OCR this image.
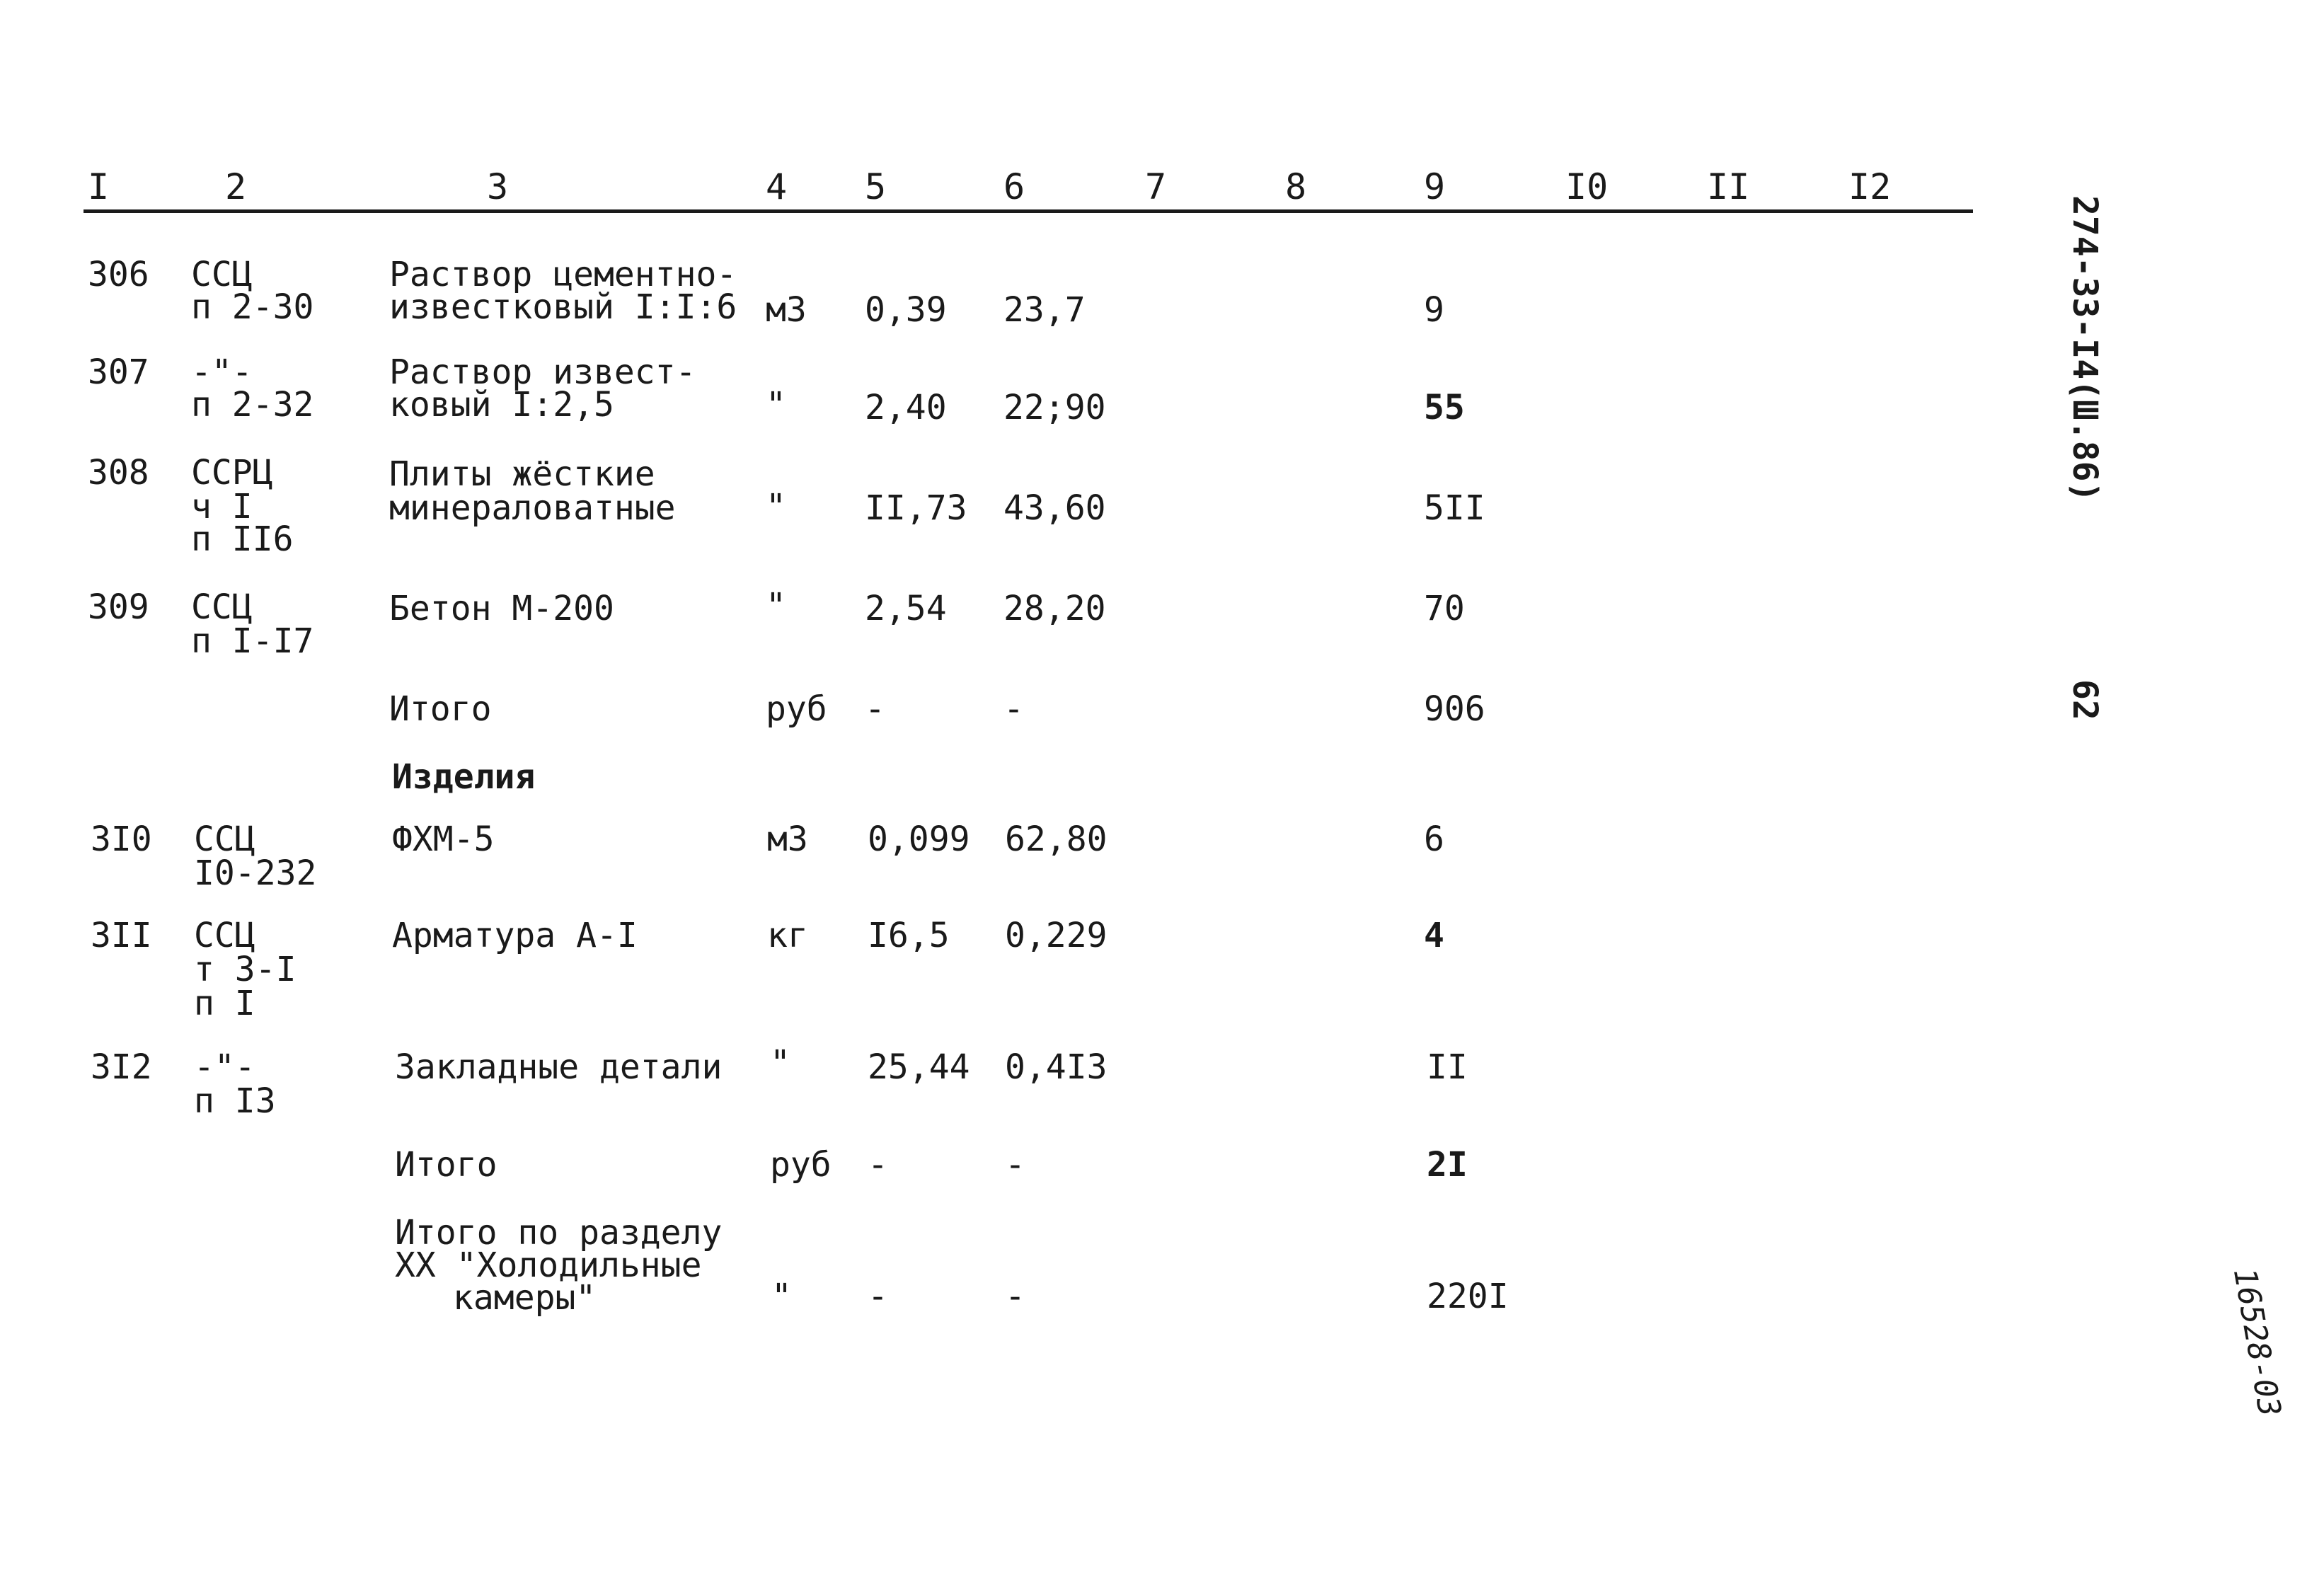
I	2	3	4 5	6	7	8	9	I0	II	I2
306 ССЦ
п 2-30
Раствор цементно-
известковый I:I:6 м3 0,39 23,7	9
307 -"-
п 2-32
Раствор извест-
ковый I:2,5	" 2,40 22;90	55
308 ССРЦ
ч I
п II6
Плиты жёсткие
минераловатные	" II,73 43,60	5II
309 ССЦ
п I-I7
Бетон М-200	" 2,54 28,20	70
Итого	руб -	-	906
Изделия
3I0 ССЦ
I0-232
ФХМ-5	м3 0,099 62,80	6
3II ССЦ
т 3-I
п I
Арматура А-I	кг I6,5 0,229	4
3I2 -"-
п I3
Закладные детали " 25,44 0,4I3	II
Итого	руб -	-	2I
Итого по разделу
ХХ "Холодильные
камеры"	" -	-	220I
274-33-I4(Ш.86)
62
16528-03
